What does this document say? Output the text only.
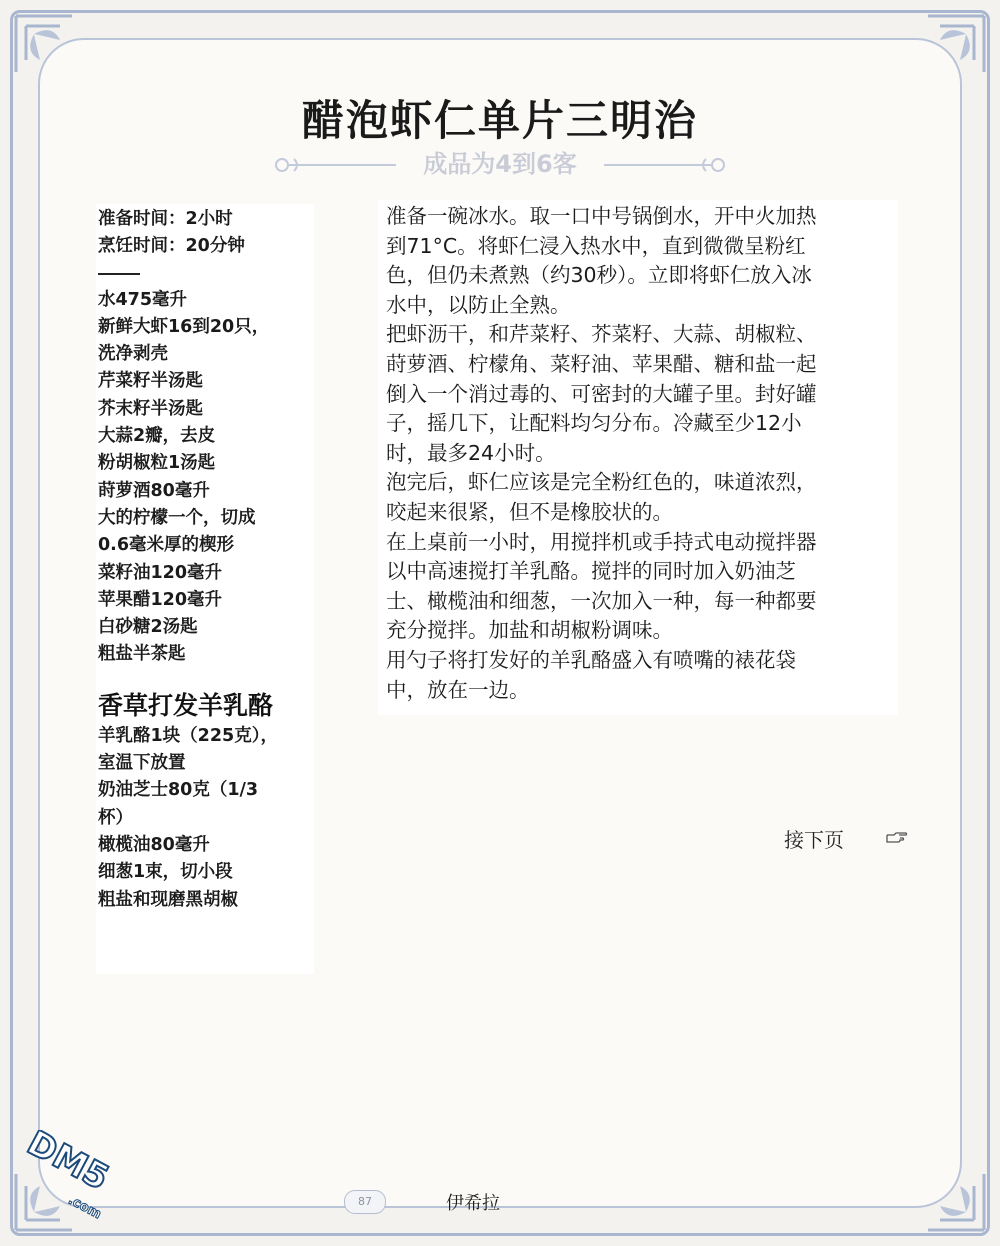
醋泡虾仁单片三明治
成品为4到6客
准备时间：2小时
烹饪时间：20分钟
水475毫升
新鲜大虾16到20只，
洗净剥壳
芹菜籽半汤匙
芥末籽半汤匙
大蒜2瓣，去皮
粉胡椒粒1汤匙
莳萝酒80毫升
大的柠檬一个，切成
0.6毫米厚的楔形
菜籽油120毫升
苹果醋120毫升
白砂糖2汤匙
粗盐半茶匙
香草打发羊乳酪
羊乳酪1块（225克），
室温下放置
奶油芝士80克（1/3
杯）
橄榄油80毫升
细葱1束，切小段
粗盐和现磨黑胡椒
准备一碗冰水。取一口中号锅倒水，开中火加热
到71°C。将虾仁浸入热水中，直到微微呈粉红
色，但仍未煮熟（约30秒）。立即将虾仁放入冰
水中，以防止全熟。
把虾沥干，和芹菜籽、芥菜籽、大蒜、胡椒粒、
莳萝酒、柠檬角、菜籽油、苹果醋、糖和盐一起
倒入一个消过毒的、可密封的大罐子里。封好罐
子，摇几下，让配料均匀分布。冷藏至少12小
时，最多24小时。
泡完后，虾仁应该是完全粉红色的，味道浓烈，
咬起来很紧，但不是橡胶状的。
在上桌前一小时，用搅拌机或手持式电动搅拌器
以中高速搅打羊乳酪。搅拌的同时加入奶油芝
士、橄榄油和细葱，一次加入一种，每一种都要
充分搅拌。加盐和胡椒粉调味。
用勺子将打发好的羊乳酪盛入有喷嘴的裱花袋
中，放在一边。
接下页
87	伊希拉
DM5
.com
